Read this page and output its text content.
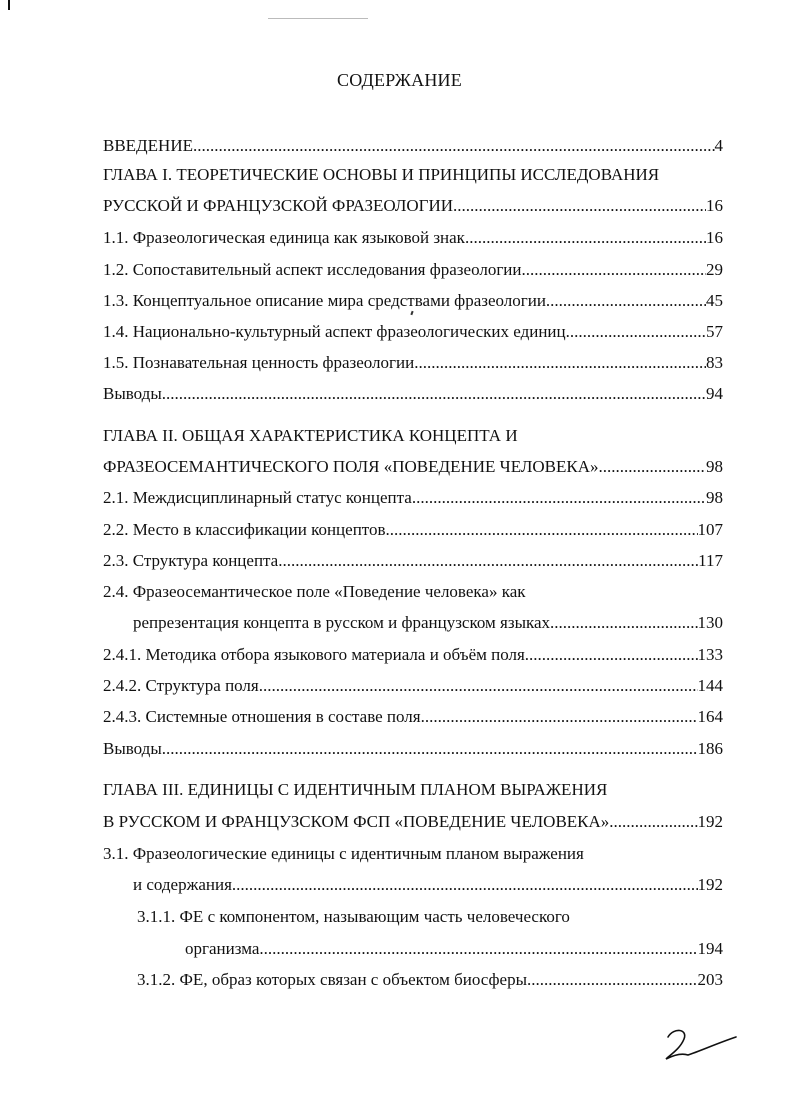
СОДЕРЖАНИЕ
ВВЕДЕНИЕ .....	4
ГЛАВА I. ТЕОРЕТИЧЕСКИЕ ОСНОВЫ И ПРИНЦИПЫ ИССЛЕДОВАНИЯ
РУССКОЙ И ФРАНЦУЗСКОЙ ФРАЗЕОЛОГИИ .....	16
1.1. Фразеологическая единица как языковой знак .....	16
1.2. Сопоставительный аспект исследования фразеологии .....	29
1.3. Концептуальное описание мира средствами фразеологии .....	45
1.4. Национально-культурный аспект фразеологических единиц .....	57
1.5. Познавательная ценность фразеологии .....	83
Выводы .....	94
ГЛАВА II. ОБЩАЯ ХАРАКТЕРИСТИКА КОНЦЕПТА И
ФРАЗЕОСЕМАНТИЧЕСКОГО ПОЛЯ «ПОВЕДЕНИЕ ЧЕЛОВЕКА» .....	98
2.1. Междисциплинарный статус концепта .....	98
2.2. Место в классификации концептов .....	107
2.3. Структура концепта .....	117
2.4. Фразеосемантическое поле «Поведение человека» как
репрезентация концепта в русском и французском языках .....	130
2.4.1. Методика отбора языкового материала и объём поля .....	133
2.4.2. Структура поля .....	144
2.4.3. Системные отношения в составе поля .....	164
Выводы .....	186
ГЛАВА III. ЕДИНИЦЫ С ИДЕНТИЧНЫМ ПЛАНОМ ВЫРАЖЕНИЯ
В РУССКОМ И ФРАНЦУЗСКОМ ФСП «ПОВЕДЕНИЕ ЧЕЛОВЕКА» .....	192
3.1. Фразеологические единицы с идентичным планом выражения
и содержания .....	192
3.1.1. ФЕ с компонентом, называющим часть человеческого
организма .....	194
3.1.2. ФЕ, образ которых связан с объектом биосферы .....	203
